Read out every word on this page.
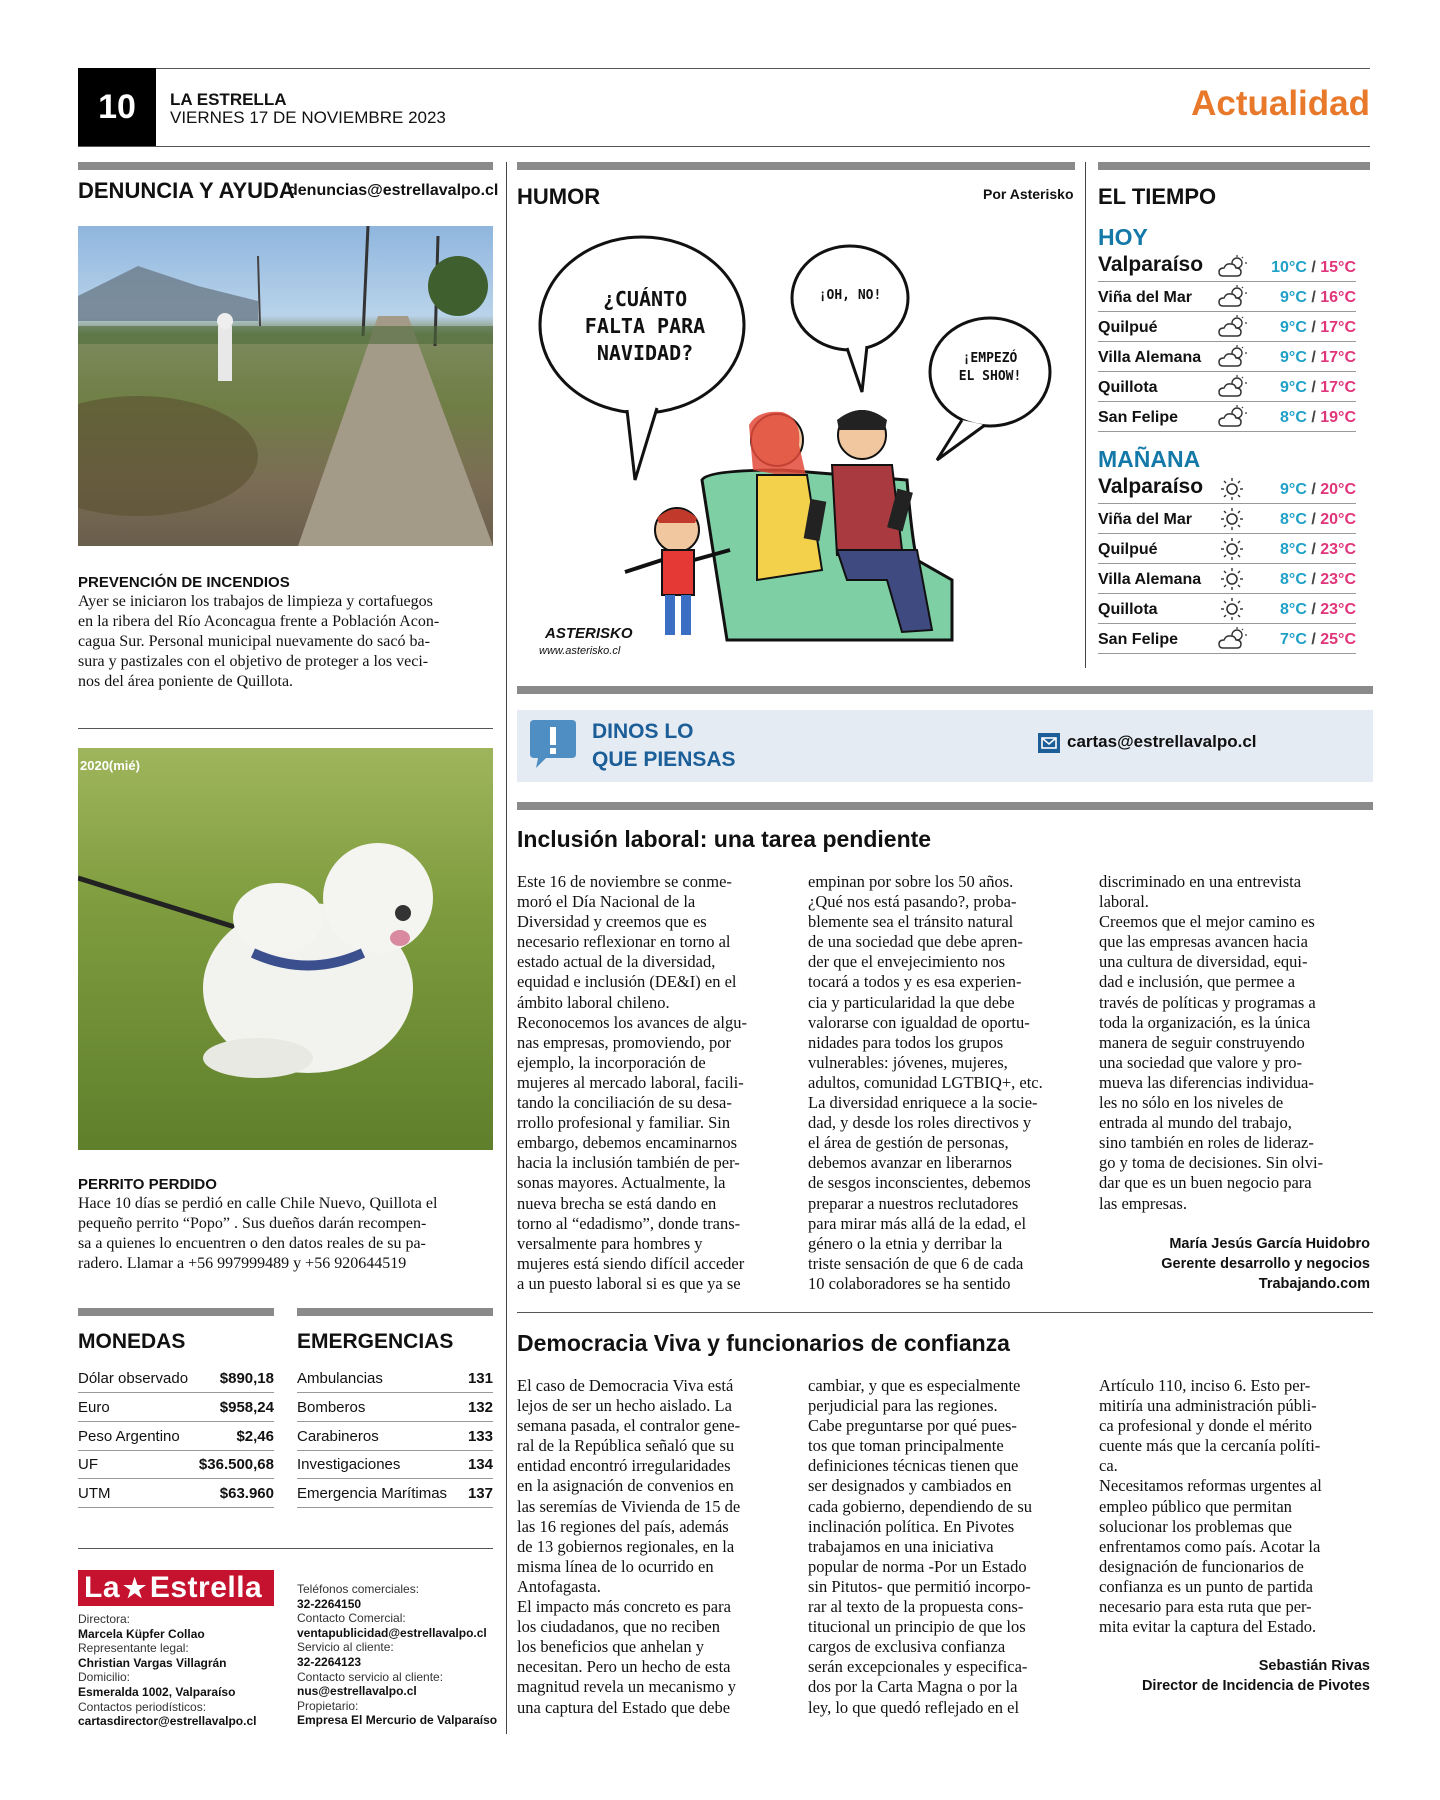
10	LA ESTRELLA
VIERNES 17 DE NOVIEMBRE 2023	Actualidad
DENUNCIA Y AYUDA
denuncias@estrellavalpo.cl
PREVENCIÓN DE INCENDIOS
Ayer se iniciaron los trabajos de limpieza y cortafuegos
en la ribera del Río Aconcagua frente a Población Acon-
cagua Sur. Personal municipal nuevamente do sacó ba-
sura y pastizales con el objetivo de proteger a los veci-
nos del área poniente de Quillota.
2020(mié)
PERRITO PERDIDO
Hace 10 días se perdió en calle Chile Nuevo, Quillota el
pequeño perrito “Popo” . Sus dueños darán recompen-
sa a quienes lo encuentren o den datos reales de su pa-
radero. Llamar a +56 997999489 y +56 920644519
MONEDAS	EMERGENCIAS
Dólar observado $890,18
Euro	$958,24
Peso Argentino	$2,46
UF	$36.500,68
UTM	$63.960
Ambulancias	131
Bomberos	132
Carabineros	133
Investigaciones	134
Emergencia Marítimas 137
La ★ Estrella
Directora:
Marcela Küpfer Collao
Representante legal:
Christian Vargas Villagrán
Domicilio:
Esmeralda 1002, Valparaíso
Contactos periodísticos:
cartasdirector@estrellavalpo.cl
Teléfonos comerciales:
32-2264150
Contacto Comercial:
ventapublicidad@estrellavalpo.cl
Servicio al cliente:
32-2264123
Contacto servicio al cliente:
nus@estrellavalpo.cl
Propietario:
Empresa El Mercurio de Valparaíso
HUMOR	Por Asterisko
¿CUÁNTO
FALTA PARA
NAVIDAD?
¡OH, NO!
¡EMPEZÓ
EL SHOW!
ASTERISKO
www.asterisko.cl
EL TIEMPO
HOY
Valparaíso	10°C / 15°C
Viña del Mar	9°C / 16°C
Quilpué	9°C / 17°C
Villa Alemana	9°C / 17°C
Quillota	9°C / 17°C
San Felipe	8°C / 19°C
MAÑANA
Valparaíso	9°C / 20°C
Viña del Mar	8°C / 20°C
Quilpué	8°C / 23°C
Villa Alemana	8°C / 23°C
Quillota	8°C / 23°C
San Felipe	7°C / 25°C
DINOS LO
QUE PIENSAS
cartas@estrellavalpo.cl
Inclusión laboral: una tarea pendiente
Este 16 de noviembre se conme-
moró el Día Nacional de la
Diversidad y creemos que es
necesario reflexionar en torno al
estado actual de la diversidad,
equidad e inclusión (DE&I) en el
ámbito laboral chileno.
Reconocemos los avances de algu-
nas empresas, promoviendo, por
ejemplo, la incorporación de
mujeres al mercado laboral, facili-
tando la conciliación de su desa-
rrollo profesional y familiar. Sin
embargo, debemos encaminarnos
hacia la inclusión también de per-
sonas mayores. Actualmente, la
nueva brecha se está dando en
torno al “edadismo”, donde trans-
versalmente para hombres y
mujeres está siendo difícil acceder
a un puesto laboral si es que ya se
empinan por sobre los 50 años.
¿Qué nos está pasando?, proba-
blemente sea el tránsito natural
de una sociedad que debe apren-
der que el envejecimiento nos
tocará a todos y es esa experien-
cia y particularidad la que debe
valorarse con igualdad de oportu-
nidades para todos los grupos
vulnerables: jóvenes, mujeres,
adultos, comunidad LGTBIQ+, etc.
La diversidad enriquece a la socie-
dad, y desde los roles directivos y
el área de gestión de personas,
debemos avanzar en liberarnos
de sesgos inconscientes, debemos
preparar a nuestros reclutadores
para mirar más allá de la edad, el
género o la etnia y derribar la
triste sensación de que 6 de cada
10 colaboradores se ha sentido
discriminado en una entrevista
laboral.
Creemos que el mejor camino es
que las empresas avancen hacia
una cultura de diversidad, equi-
dad e inclusión, que permee a
través de políticas y programas a
toda la organización, es la única
manera de seguir construyendo
una sociedad que valore y pro-
mueva las diferencias individua-
les no sólo en los niveles de
entrada al mundo del trabajo,
sino también en roles de lideraz-
go y toma de decisiones. Sin olvi-
dar que es un buen negocio para
las empresas.
María Jesús García Huidobro
Gerente desarrollo y negocios
Trabajando.com
Democracia Viva y funcionarios de confianza
El caso de Democracia Viva está
lejos de ser un hecho aislado. La
semana pasada, el contralor gene-
ral de la República señaló que su
entidad encontró irregularidades
en la asignación de convenios en
las seremías de Vivienda de 15 de
las 16 regiones del país, además
de 13 gobiernos regionales, en la
misma línea de lo ocurrido en
Antofagasta.
El impacto más concreto es para
los ciudadanos, que no reciben
los beneficios que anhelan y
necesitan. Pero un hecho de esta
magnitud revela un mecanismo y
una captura del Estado que debe
cambiar, y que es especialmente
perjudicial para las regiones.
Cabe preguntarse por qué pues-
tos que toman principalmente
definiciones técnicas tienen que
ser designados y cambiados en
cada gobierno, dependiendo de su
inclinación política. En Pivotes
trabajamos en una iniciativa
popular de norma -Por un Estado
sin Pitutos- que permitió incorpo-
rar al texto de la propuesta cons-
titucional un principio de que los
cargos de exclusiva confianza
serán excepcionales y especifica-
dos por la Carta Magna o por la
ley, lo que quedó reflejado en el
Artículo 110, inciso 6. Esto per-
mitiría una administración públi-
ca profesional y donde el mérito
cuente más que la cercanía políti-
ca.
Necesitamos reformas urgentes al
empleo público que permitan
solucionar los problemas que
enfrentamos como país. Acotar la
designación de funcionarios de
confianza es un punto de partida
necesario para esta ruta que per-
mita evitar la captura del Estado.
Sebastián Rivas
Director de Incidencia de Pivotes
